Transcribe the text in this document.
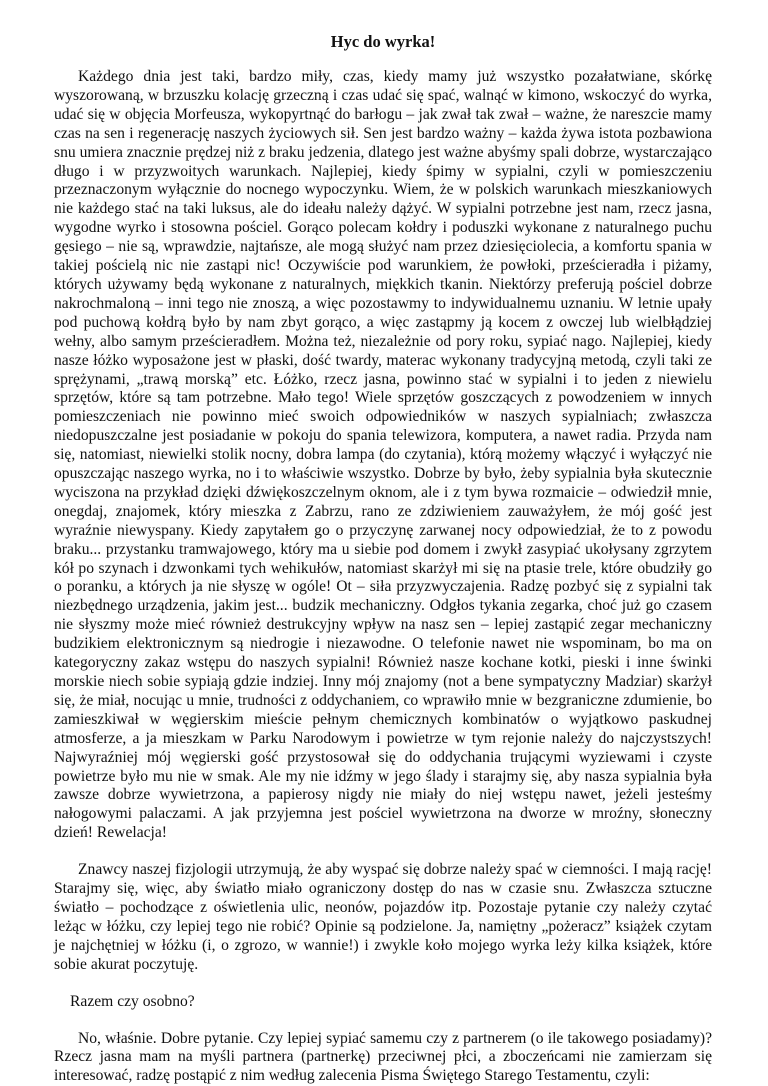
Hyc do wyrka!

Każdego dnia jest taki, bardzo miły, czas, kiedy mamy już wszystko pozałatwiane, skórkę wyszorowaną, w brzuszku kolację grzeczną i czas udać się spać, walnąć w kimono, wskoczyć do wyrka, udać się w objęcia Morfeusza, wykopyrtnąć do barłogu – jak zwał tak zwał – ważne, że nareszcie mamy czas na sen i regenerację naszych życiowych sił. Sen jest bardzo ważny – każda żywa istota pozbawiona snu umiera znacznie prędzej niż z braku jedzenia, dlatego jest ważne abyśmy spali dobrze, wystarczająco długo i w przyzwoitych warunkach. Najlepiej, kiedy śpimy w sypialni, czyli w pomieszczeniu przeznaczonym wyłącznie do nocnego wypoczynku. Wiem, że w polskich warunkach mieszkaniowych nie każdego stać na taki luksus, ale do ideału należy dążyć. W sypialni potrzebne jest nam, rzecz jasna, wygodne wyrko i stosowna pościel. Gorąco polecam kołdry i poduszki wykonane z naturalnego puchu gęsiego – nie są, wprawdzie, najtańsze, ale mogą służyć nam przez dziesięciolecia, a komfortu spania w takiej pościelą nic nie zastąpi nic! Oczywiście pod warunkiem, że powłoki, prześcieradła i piżamy, których używamy będą wykonane z naturalnych, miękkich tkanin. Niektórzy preferują pościel dobrze nakrochmaloną – inni tego nie znoszą, a więc pozostawmy to indywidualnemu uznaniu. W letnie upały pod puchową kołdrą było by nam zbyt gorąco, a więc zastąpmy ją kocem z owczej lub wielbłądziej wełny, albo samym prześcieradłem. Można też, niezależnie od pory roku, sypiać nago. Najlepiej, kiedy nasze łóżko wyposażone jest w płaski, dość twardy, materac wykonany tradycyjną metodą, czyli taki ze sprężynami, „trawą morską” etc. Łóżko, rzecz jasna, powinno stać w sypialni i to jeden z niewielu sprzętów, które są tam potrzebne. Mało tego! Wiele sprzętów goszczących z powodzeniem w innych pomieszczeniach nie powinno mieć swoich odpowiedników w naszych sypialniach; zwłaszcza niedopuszczalne jest posiadanie w pokoju do spania telewizora, komputera, a nawet radia. Przyda nam się, natomiast, niewielki stolik nocny, dobra lampa (do czytania), którą możemy włączyć i wyłączyć nie opuszczając naszego wyrka, no i to właściwie wszystko. Dobrze by było, żeby sypialnia była skutecznie wyciszona na przykład dzięki dźwiękoszczelnym oknom, ale i z tym bywa rozmaicie – odwiedził mnie, onegdaj, znajomek, który mieszka z Zabrzu, rano ze zdziwieniem zauważyłem, że mój gość jest wyraźnie niewyspany. Kiedy zapytałem go o przyczynę zarwanej nocy odpowiedział, że to z powodu braku... przystanku tramwajowego, który ma u siebie pod domem i zwykł zasypiać ukołysany zgrzytem kół po szynach i dzwonkami tych wehikułów, natomiast skarżył mi się na ptasie trele, które obudziły go o poranku, a których ja nie słyszę w ogóle! Ot – siła przyzwyczajenia. Radzę pozbyć się z sypialni tak niezbędnego urządzenia, jakim jest... budzik mechaniczny. Odgłos tykania zegarka, choć już go czasem nie słyszmy może mieć również destrukcyjny wpływ na nasz sen – lepiej zastąpić zegar mechaniczny budzikiem elektronicznym są niedrogie i niezawodne. O telefonie nawet nie wspominam, bo ma on kategoryczny zakaz wstępu do naszych sypialni! Również nasze kochane kotki, pieski i inne świnki morskie niech sobie sypiają gdzie indziej. Inny mój znajomy (not a bene sympatyczny Madziar) skarżył się, że miał, nocując u mnie, trudności z oddychaniem, co wprawiło mnie w bezgraniczne zdumienie, bo zamieszkiwał w węgierskim mieście pełnym chemicznych kombinatów o wyjątkowo paskudnej atmosferze, a ja mieszkam w Parku Narodowym i powietrze w tym rejonie należy do najczystszych! Najwyraźniej mój węgierski gość przystosował się do oddychania trującymi wyziewami i czyste powietrze było mu nie w smak. Ale my nie idźmy w jego ślady i starajmy się, aby nasza sypialnia była zawsze dobrze wywietrzona, a papierosy nigdy nie miały do niej wstępu nawet, jeżeli jesteśmy nałogowymi palaczami. A jak przyjemna jest pościel wywietrzona na dworze w mroźny, słoneczny dzień! Rewelacja!

Znawcy naszej fizjologii utrzymują, że aby wyspać się dobrze należy spać w ciemności. I mają rację! Starajmy się, więc, aby światło miało ograniczony dostęp do nas w czasie snu. Zwłaszcza sztuczne światło – pochodzące z oświetlenia ulic, neonów, pojazdów itp. Pozostaje pytanie czy należy czytać leżąc w łóżku, czy lepiej tego nie robić? Opinie są podzielone. Ja, namiętny „pożeracz” książek czytam je najchętniej w łóżku (i, o zgrozo, w wannie!) i zwykle koło mojego wyrka leży kilka książek, które sobie akurat poczytuję.

Razem czy osobno?

No, właśnie. Dobre pytanie. Czy lepiej sypiać samemu czy z partnerem (o ile takowego posiadamy)? Rzecz jasna mam na myśli partnera (partnerkę) przeciwnej płci, a zboczeńcami nie zamierzam się interesować, radzę postąpić z nim według zalecenia Pisma Świętego Starego Testamentu, czyli:
